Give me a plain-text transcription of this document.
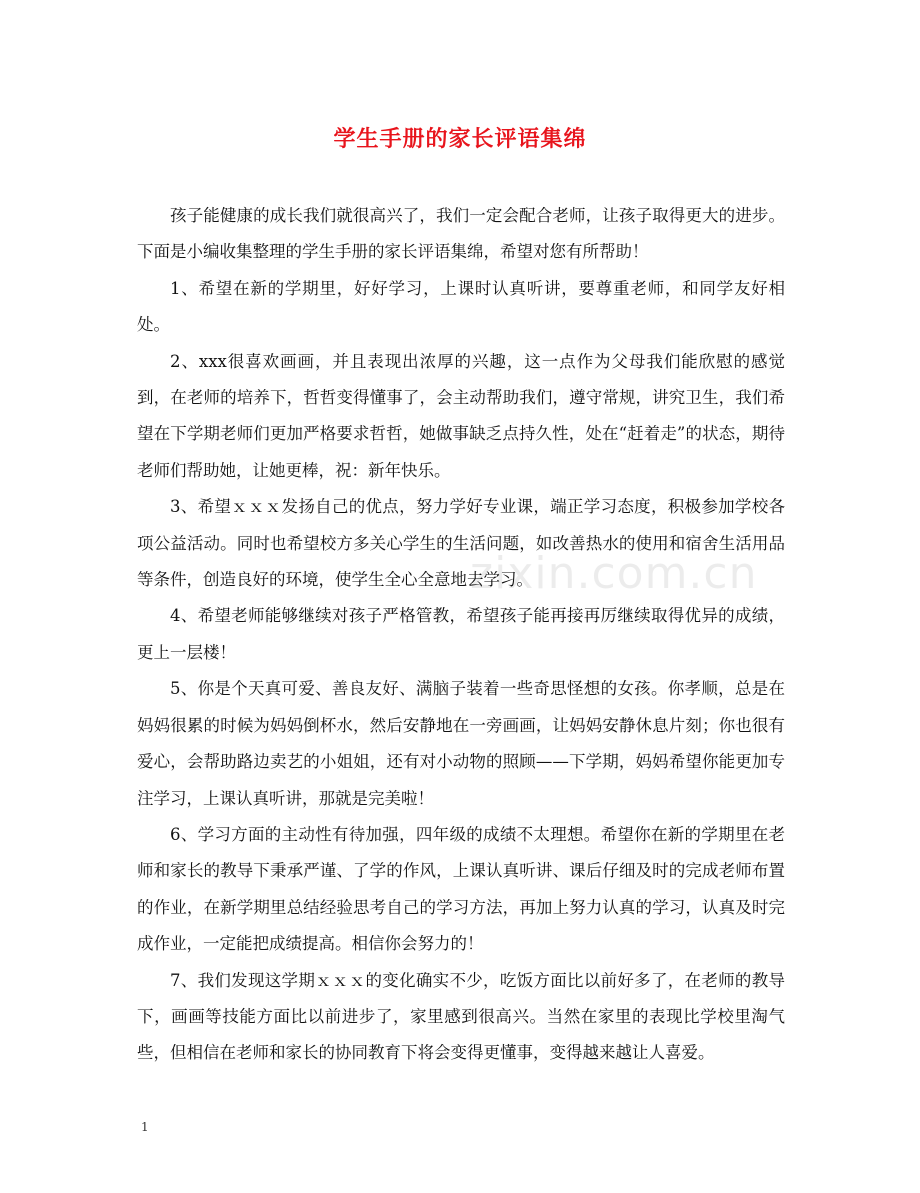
学生手册的家长评语集绵
zixin.com.cn

孩子能健康的成长我们就很高兴了，我们一定会配合老师，让孩子取得更大的进步。下面是小编收集整理的学生手册的家长评语集绵，希望对您有所帮助！

1、希望在新的学期里，好好学习，上课时认真听讲，要尊重老师，和同学友好相处。

2、xxx很喜欢画画，并且表现出浓厚的兴趣，这一点作为父母我们能欣慰的感觉到，在老师的培养下，哲哲变得懂事了，会主动帮助我们，遵守常规，讲究卫生，我们希望在下学期老师们更加严格要求哲哲，她做事缺乏点持久性，处在“赶着走”的状态，期待老师们帮助她，让她更棒，祝：新年快乐。

3、希望ｘｘｘ发扬自己的优点，努力学好专业课，端正学习态度，积极参加学校各项公益活动。同时也希望校方多关心学生的生活问题，如改善热水的使用和宿舍生活用品等条件，创造良好的环境，使学生全心全意地去学习。

4、希望老师能够继续对孩子严格管教，希望孩子能再接再厉继续取得优异的成绩，更上一层楼！

5、你是个天真可爱、善良友好、满脑子装着一些奇思怪想的女孩。你孝顺，总是在妈妈很累的时候为妈妈倒杯水，然后安静地在一旁画画，让妈妈安静休息片刻；你也很有爱心，会帮助路边卖艺的小姐姐，还有对小动物的照顾——下学期，妈妈希望你能更加专注学习，上课认真听讲，那就是完美啦！

6、学习方面的主动性有待加强，四年级的成绩不太理想。希望你在新的学期里在老师和家长的教导下秉承严谨、了学的作风，上课认真听讲、课后仔细及时的完成老师布置的作业，在新学期里总结经验思考自己的学习方法，再加上努力认真的学习，认真及时完成作业，一定能把成绩提高。相信你会努力的！

7、我们发现这学期ｘｘｘ的变化确实不少，吃饭方面比以前好多了，在老师的教导下，画画等技能方面比以前进步了，家里感到很高兴。当然在家里的表现比学校里淘气些，但相信在老师和家长的协同教育下将会变得更懂事，变得越来越让人喜爱。

1
